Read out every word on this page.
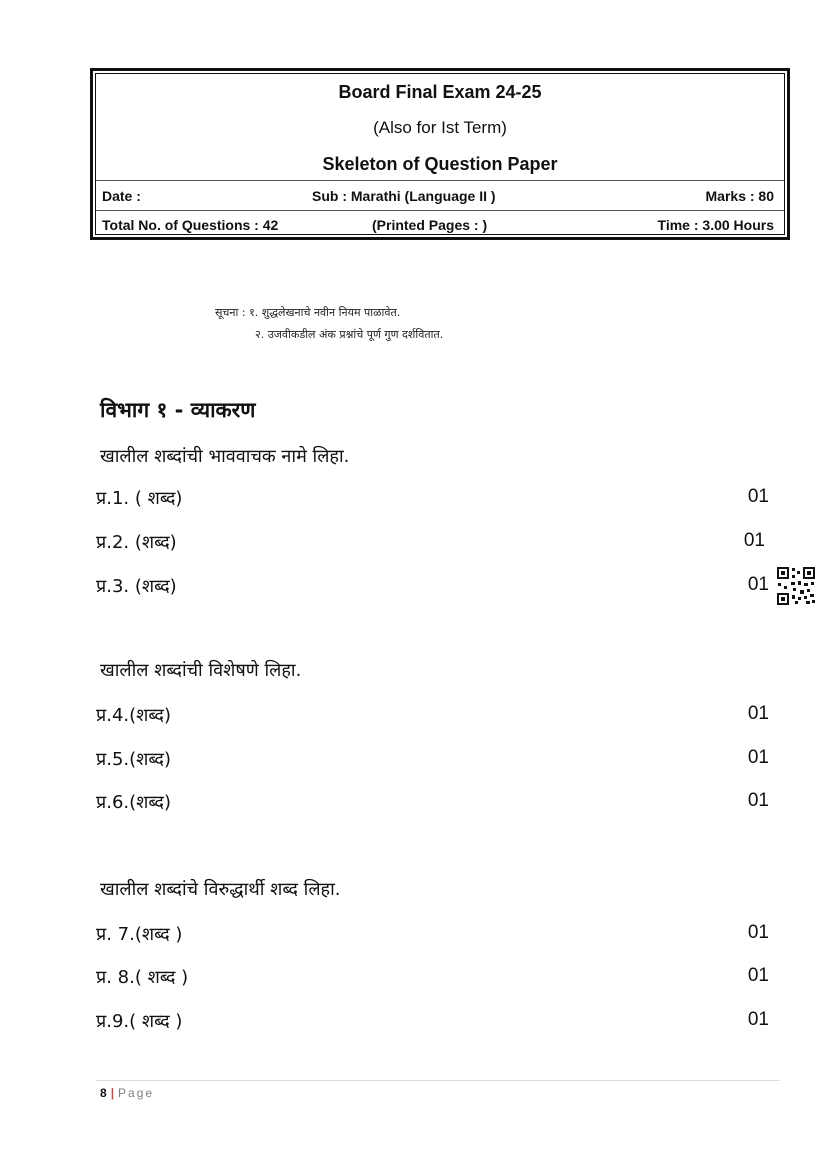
Board Final Exam 24-25
(Also for Ist Term)
Skeleton of Question Paper
Date :	Sub : Marathi (Language II )	Marks : 80
Total No. of Questions : 42	(Printed Pages : )	Time : 3.00 Hours
सूचना : १. शुद्धलेखनाचे नवीन नियम पाळावेत.
२. उजवीकडील अंक प्रश्नांचे पूर्ण गुण दर्शवितात.
विभाग १ - व्याकरण
खालील शब्दांची भाववाचक नामे लिहा.
प्र.1. ( शब्द)	01
प्र.2. (शब्द)	01
प्र.3. (शब्द)	01
खालील शब्दांची विशेषणे लिहा.
प्र.4.(शब्द)	01
प्र.5.(शब्द)	01
प्र.6.(शब्द)	01
खालील शब्दांचे विरुद्धार्थी शब्द लिहा.
प्र. 7.(शब्द )	01
प्र. 8.( शब्द )	01
प्र.9.( शब्द )	01
8 | Page
